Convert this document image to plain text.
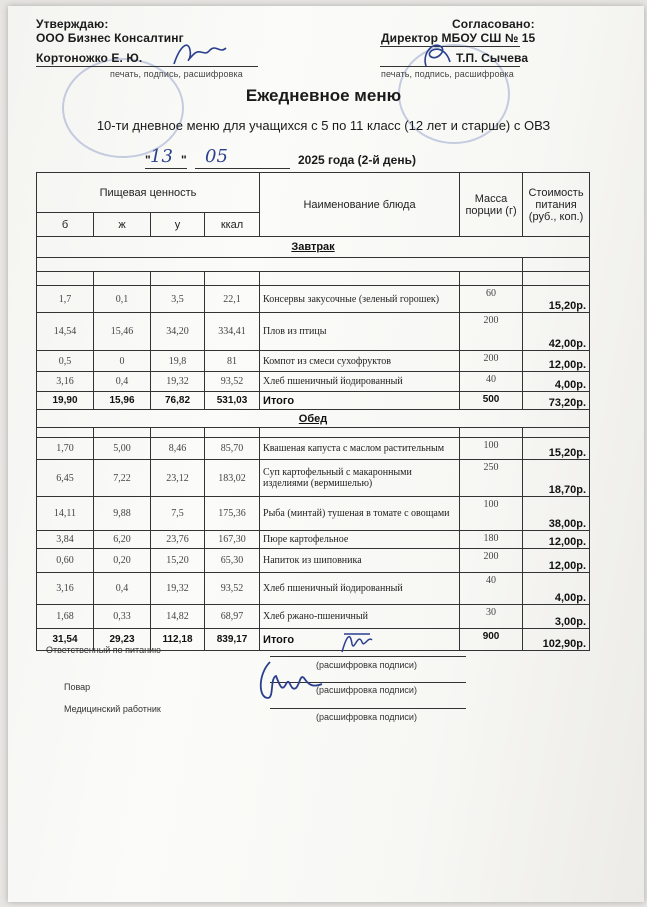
Утверждаю:
ООО Бизнес Консалтинг
Кортоножко Е. Ю.
печать, подпись, расшифровка
Согласовано:
Директор МБОУ СШ № 15
Т.П. Сычева
печать, подпись, расшифровка
Ежедневное меню
10-ти дневное меню для учащихся с 5 по 11 класс (12 лет и старше) с ОВЗ
" 13 " 05	2025 года (2-й день)
Пищевая ценность				Наименование блюда	Масса порции (г)	Стоимость питания (руб., коп.)
б	ж	у	ккал			
Завтрак						

1,7	0,1	3,5	22,1	Консервы закусочные (зеленый горошек)	60	15,20р.
14,54	15,46	34,20	334,41	Плов из птицы	200	42,00р.
0,5	0	19,8	81	Компот из смеси сухофруктов	200	12,00р.
3,16	0,4	19,32	93,52	Хлеб пшеничный йодированный	40	4,00р.
19,90	15,96	76,82	531,03	Итого	500	73,20р.
Обед						

1,70	5,00	8,46	85,70	Квашеная капуста с маслом растительным	100	15,20р.
6,45	7,22	23,12	183,02	Суп картофельный с макаронными изделиями (вермишелью)	250	18,70р.
14,11	9,88	7,5	175,36	Рыба (минтай) тушеная в томате с овощами	100	38,00р.
3,84	6,20	23,76	167,30	Пюре картофельное	180	12,00р.
0,60	0,20	15,20	65,30	Напиток из шиповника	200	12,00р.
3,16	0,4	19,32	93,52	Хлеб пшеничный йодированный	40	4,00р.
1,68	0,33	14,82	68,97	Хлеб ржано-пшеничный	30	3,00р.
31,54	29,23	112,18	839,17	Итого	900	102,90р.
Ответственный по питанию
(расшифровка подписи)
Повар	(расшифровка подписи)
Медицинский работник
(расшифровка подписи)
